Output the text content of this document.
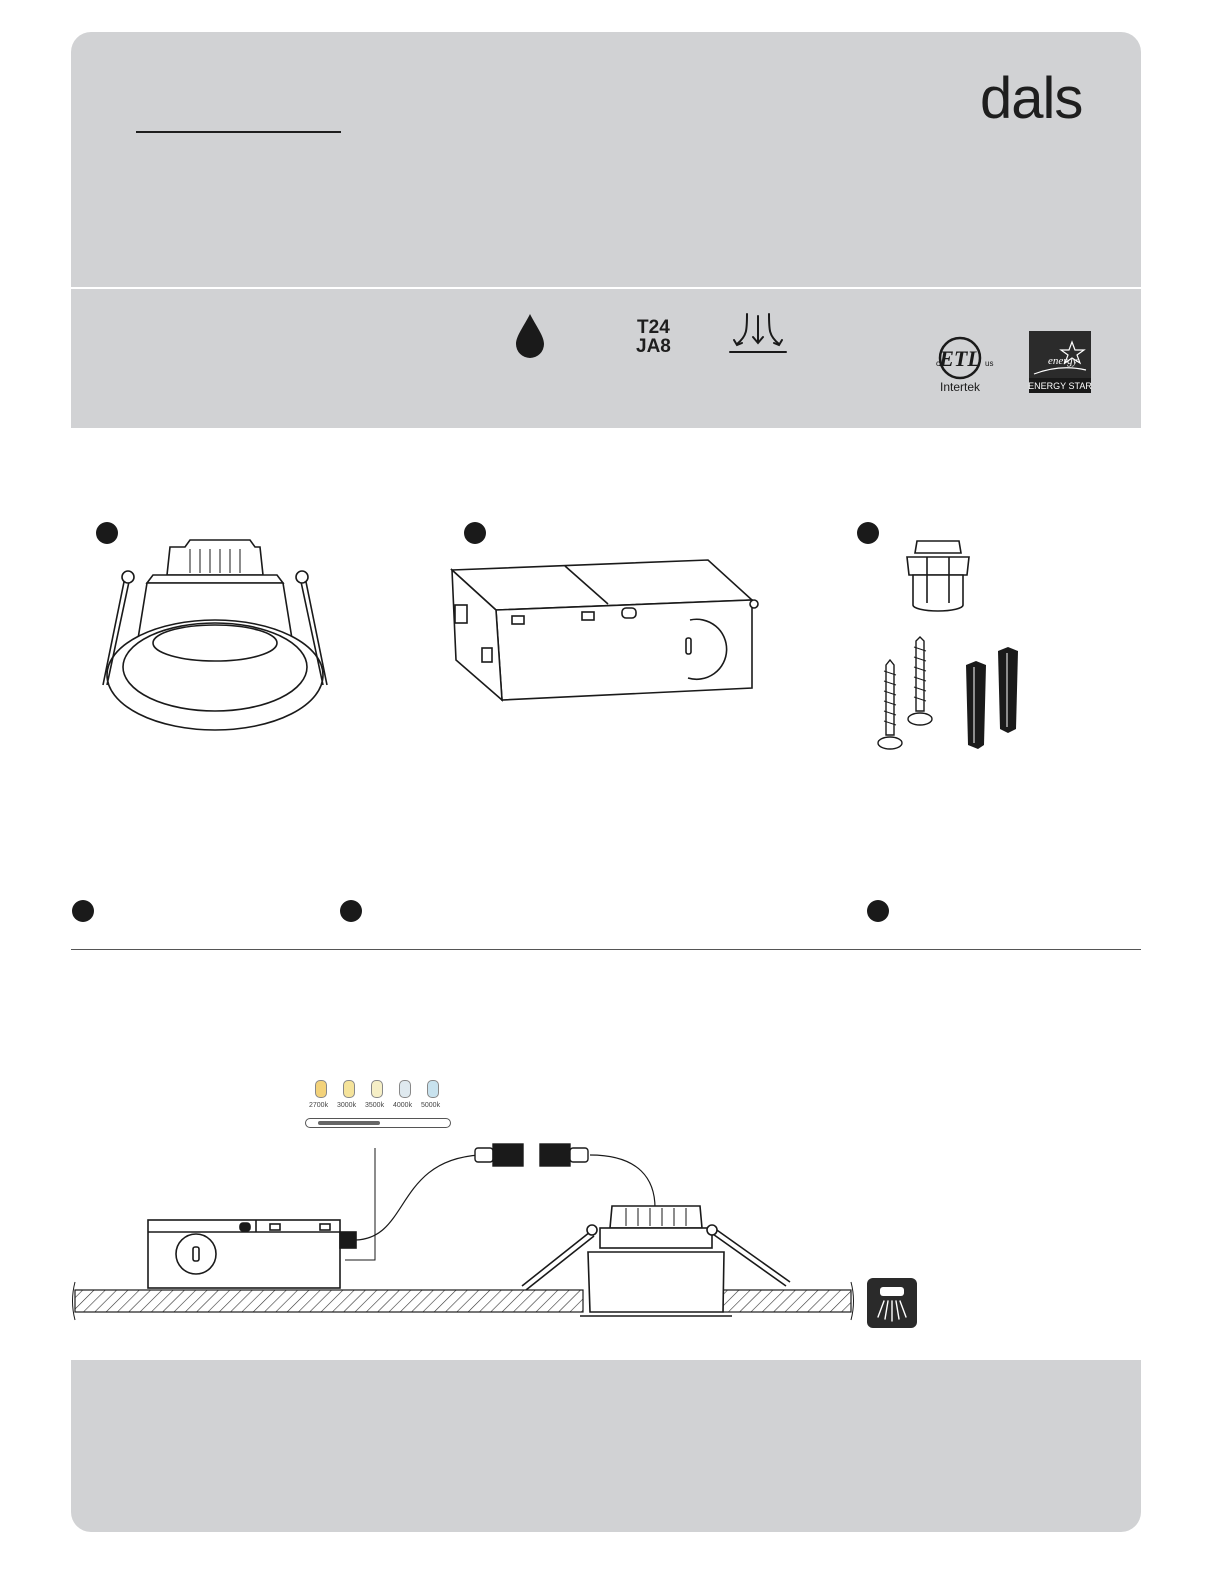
dals
T24
JA8	ETL
c	us
Intertek
energy
ENERGY STAR
2700k 3000k 3500k 4000k 5000k
